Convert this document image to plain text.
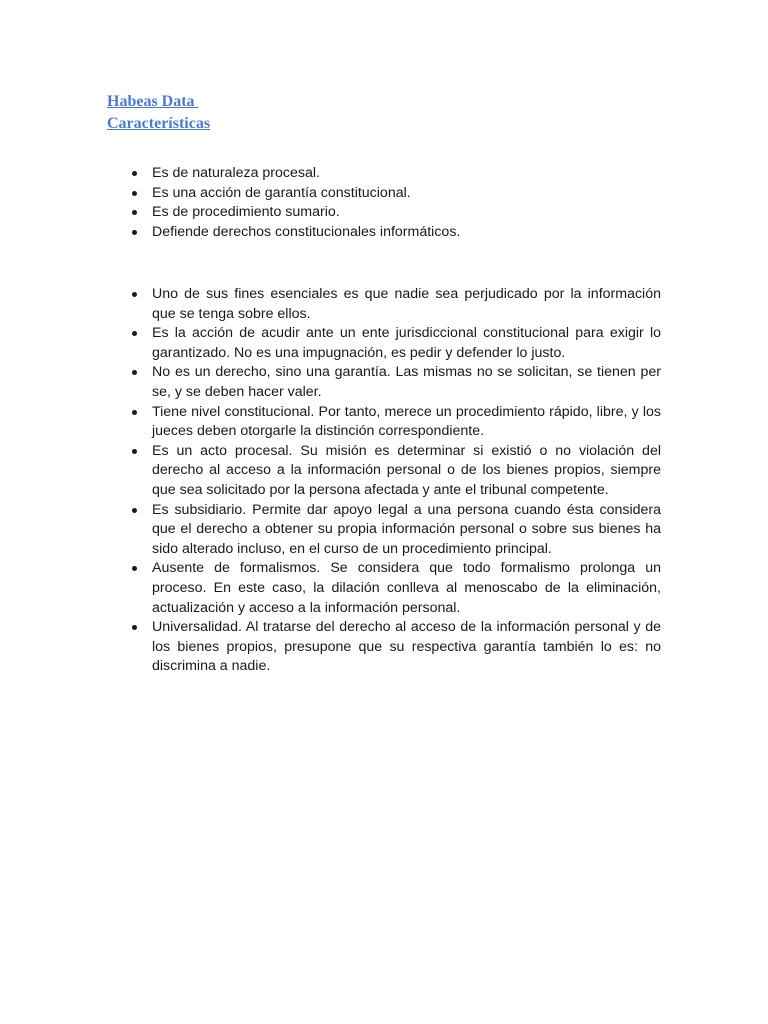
Habeas Data
Características
Es de naturaleza procesal.
Es una acción de garantía constitucional.
Es de procedimiento sumario.
Defiende derechos constitucionales informáticos.
Uno de sus fines esenciales es que nadie sea perjudicado por la información que se tenga sobre ellos.
Es la acción de acudir ante un ente jurisdiccional constitucional para exigir lo garantizado. No es una impugnación, es pedir y defender lo justo.
No es un derecho, sino una garantía. Las mismas no se solicitan, se tienen per se, y se deben hacer valer.
Tiene nivel constitucional. Por tanto, merece un procedimiento rápido, libre, y los jueces deben otorgarle la distinción correspondiente.
Es un acto procesal. Su misión es determinar si existió o no violación del derecho al acceso a la información personal o de los bienes propios, siempre que sea solicitado por la persona afectada y ante el tribunal competente.
Es subsidiario. Permite dar apoyo legal a una persona cuando ésta considera que el derecho a obtener su propia información personal o sobre sus bienes ha sido alterado incluso, en el curso de un procedimiento principal.
Ausente de formalismos. Se considera que todo formalismo prolonga un proceso. En este caso, la dilación conlleva al menoscabo de la eliminación, actualización y acceso a la información personal.
Universalidad. Al tratarse del derecho al acceso de la información personal y de los bienes propios, presupone que su respectiva garantía también lo es: no discrimina a nadie.
